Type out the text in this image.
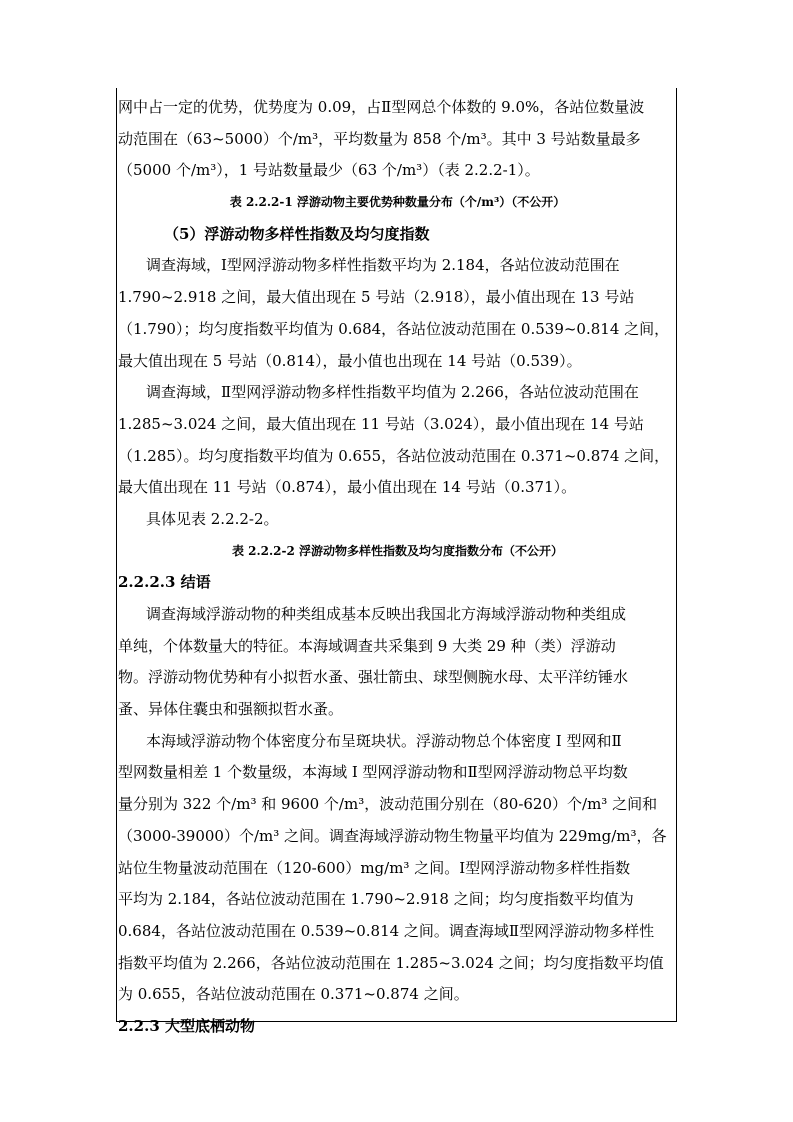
网中占一定的优势，优势度为 0.09，占Ⅱ型网总个体数的 9.0%，各站位数量波
动范围在（63~5000）个/m³，平均数量为 858 个/m³。其中 3 号站数量最多
（5000 个/m³），1 号站数量最少（63 个/m³）（表 2.2.2-1）。
表 2.2.2-1 浮游动物主要优势种数量分布（个/m³）（不公开）
（5）浮游动物多样性指数及均匀度指数
调查海域，Ⅰ型网浮游动物多样性指数平均为 2.184，各站位波动范围在
1.790~2.918 之间，最大值出现在 5 号站（2.918），最小值出现在 13 号站
（1.790）；均匀度指数平均值为 0.684，各站位波动范围在 0.539~0.814 之间，
最大值出现在 5 号站（0.814），最小值也出现在 14 号站（0.539）。
调查海域，Ⅱ型网浮游动物多样性指数平均值为 2.266，各站位波动范围在
1.285~3.024 之间，最大值出现在 11 号站（3.024），最小值出现在 14 号站
（1.285）。均匀度指数平均值为 0.655，各站位波动范围在 0.371~0.874 之间，
最大值出现在 11 号站（0.874），最小值出现在 14 号站（0.371）。
具体见表 2.2.2-2。
表 2.2.2-2 浮游动物多样性指数及均匀度指数分布（不公开）
2.2.2.3 结语
调查海域浮游动物的种类组成基本反映出我国北方海域浮游动物种类组成
单纯，个体数量大的特征。本海域调查共采集到 9 大类 29 种（类）浮游动
物。浮游动物优势种有小拟哲水蚤、强壮箭虫、球型侧腕水母、太平洋纺锤水
蚤、异体住囊虫和强额拟哲水蚤。
本海域浮游动物个体密度分布呈斑块状。浮游动物总个体密度 I 型网和Ⅱ
型网数量相差 1 个数量级，本海域 I 型网浮游动物和Ⅱ型网浮游动物总平均数
量分别为 322 个/m³ 和 9600 个/m³，波动范围分别在（80-620）个/m³ 之间和
（3000-39000）个/m³ 之间。调查海域浮游动物生物量平均值为 229mg/m³，各
站位生物量波动范围在（120-600）mg/m³ 之间。Ⅰ型网浮游动物多样性指数
平均为 2.184，各站位波动范围在 1.790~2.918 之间；均匀度指数平均值为
0.684，各站位波动范围在 0.539~0.814 之间。调查海域Ⅱ型网浮游动物多样性
指数平均值为 2.266，各站位波动范围在 1.285~3.024 之间；均匀度指数平均值
为 0.655，各站位波动范围在 0.371~0.874 之间。
2.2.3 大型底栖动物
